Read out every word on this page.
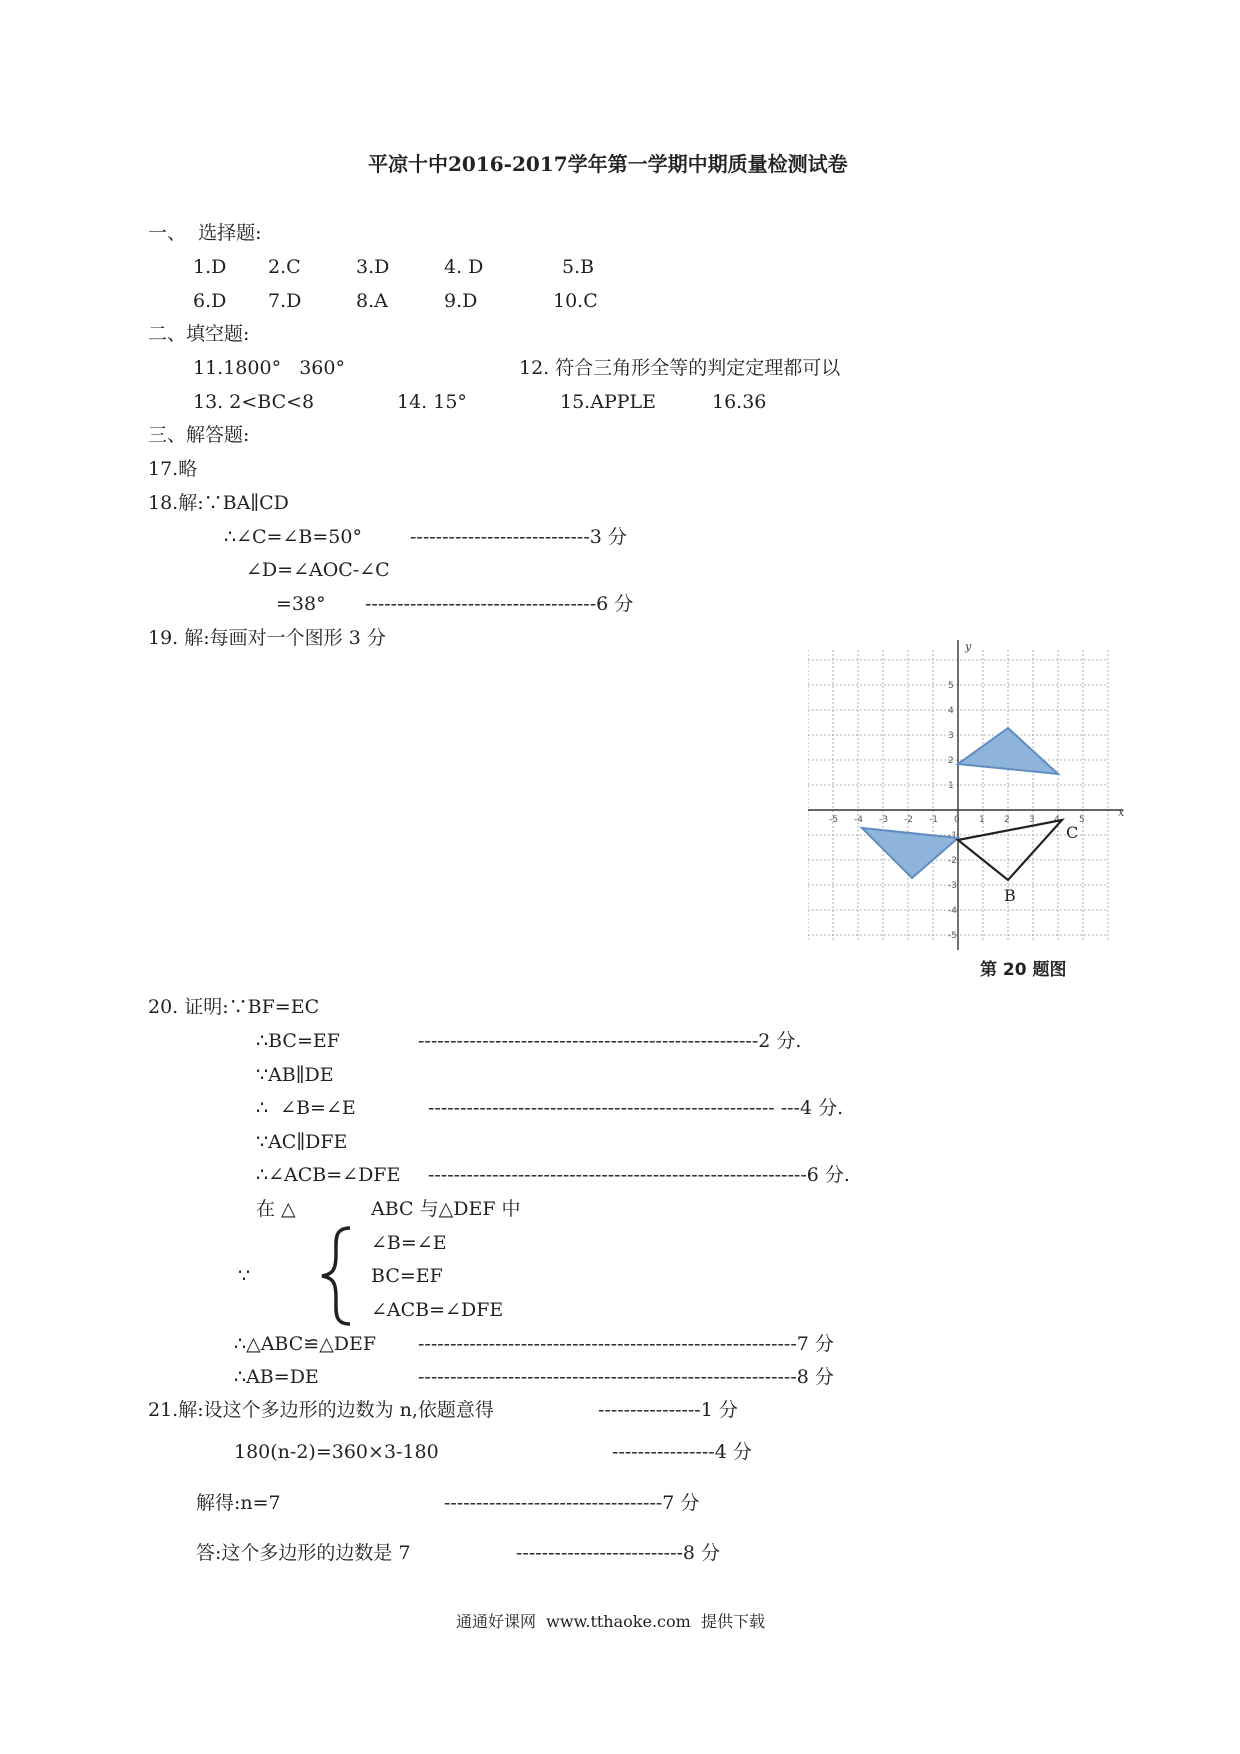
平凉十中2016-2017学年第一学期中期质量检测试卷
一、  选择题:
1.D 2.C	3.D	4. D	5.B
6.D 7.D	8.A	9.D	10.C
二、填空题:
11.1800°   360°	12. 符合三角形全等的判定定理都可以
13. 2<BC<8	14. 15°	15.APPLE	16.36
三、解答题:
17.略
18.解:∵BA∥CD
∴∠C=∠B=50°	----------------------------3 分
∠D=∠AOC-∠C
=38° ------------------------------------6 分
19. 解:每画对一个图形 3 分
-5 -4 -3 -2 -1 0 1 2 3 4 5
5
4
3
2
1
-1
-2
-3
-4
-5
C
B
x
y
第 20 题图
20. 证明:∵BF=EC
∴BC=EF	-----------------------------------------------------2 分.
∵AB∥DE
∴  ∠B=∠E	------------------------------------------------------ ---4 分.
∵AC∥DFE
∴∠ACB=∠DFE -----------------------------------------------------------6 分.
在 △	ABC 与△DEF 中
∵
∠B=∠E
BC=EF
∠ACB=∠DFE
∴△ABC≌△DEF -----------------------------------------------------------7 分
∴AB=DE	-----------------------------------------------------------8 分
21.解:设这个多边形的边数为 n,依题意得	----------------1 分
180(n-2)=360×3-180	----------------4 分
解得:n=7	----------------------------------7 分
答:这个多边形的边数是 7	--------------------------8 分
通通好课网  www.tthaoke.com  提供下载
